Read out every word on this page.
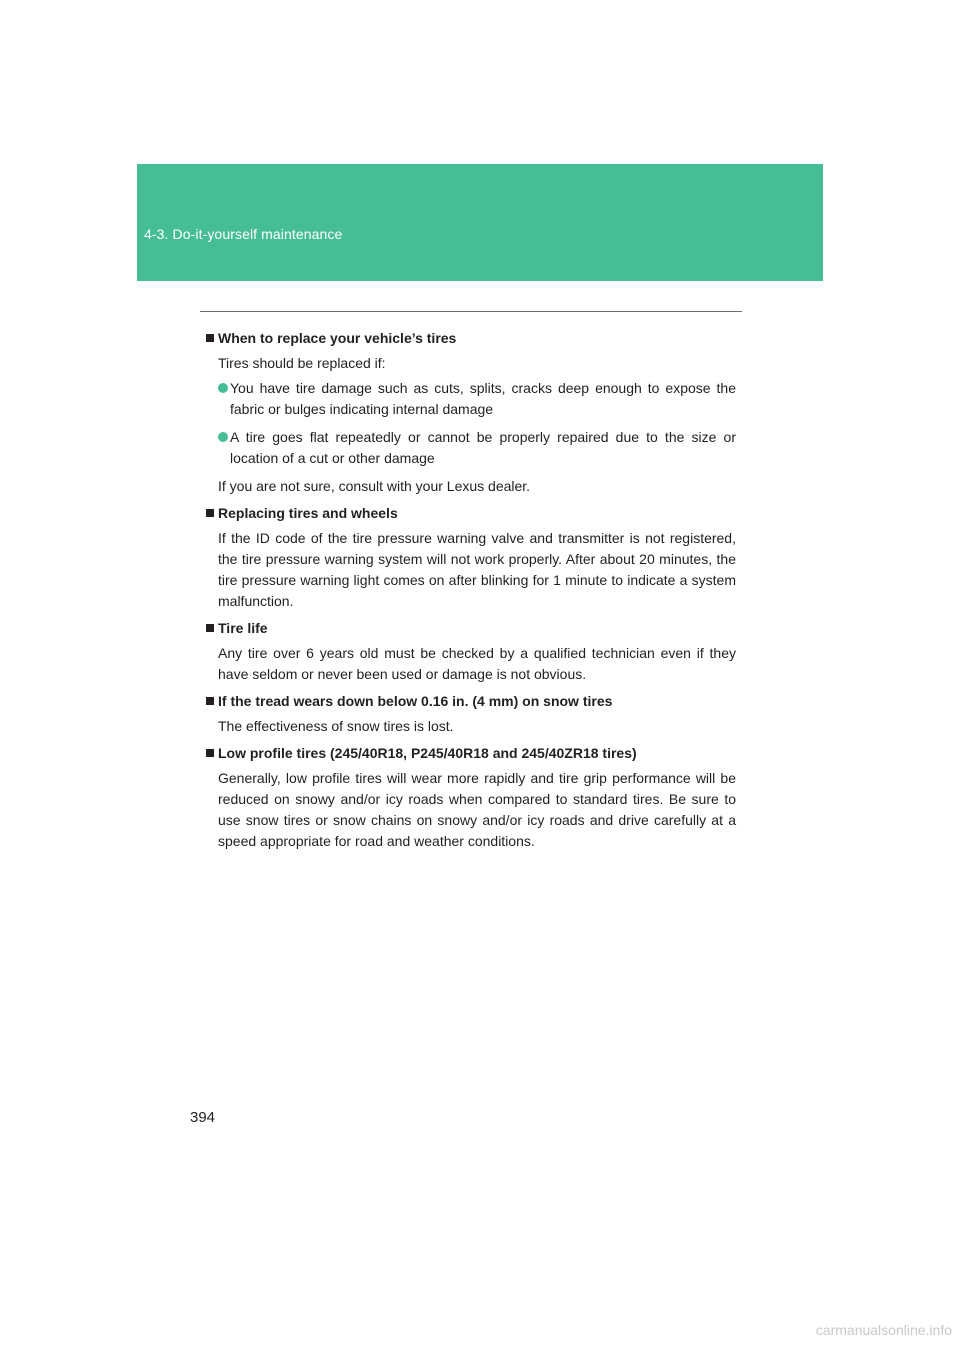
4-3. Do-it-yourself maintenance
When to replace your vehicle’s tires

Tires should be replaced if:

You have tire damage such as cuts, splits, cracks deep enough to expose the fabric or bulges indicating internal damage
A tire goes flat repeatedly or cannot be properly repaired due to the size or location of a cut or other damage

If you are not sure, consult with your Lexus dealer.

Replacing tires and wheels

If the ID code of the tire pressure warning valve and transmitter is not registered, the tire pressure warning system will not work properly. After about 20 minutes, the tire pressure warning light comes on after blinking for 1 minute to indicate a system malfunction.

Tire life

Any tire over 6 years old must be checked by a qualified technician even if they have seldom or never been used or damage is not obvious.

If the tread wears down below 0.16 in. (4 mm) on snow tires

The effectiveness of snow tires is lost.

Low profile tires (245/40R18, P245/40R18 and 245/40ZR18 tires)

Generally, low profile tires will wear more rapidly and tire grip performance will be reduced on snowy and/or icy roads when compared to standard tires. Be sure to use snow tires or snow chains on snowy and/or icy roads and drive carefully at a speed appropriate for road and weather conditions.

394
carmanualsonline.info
